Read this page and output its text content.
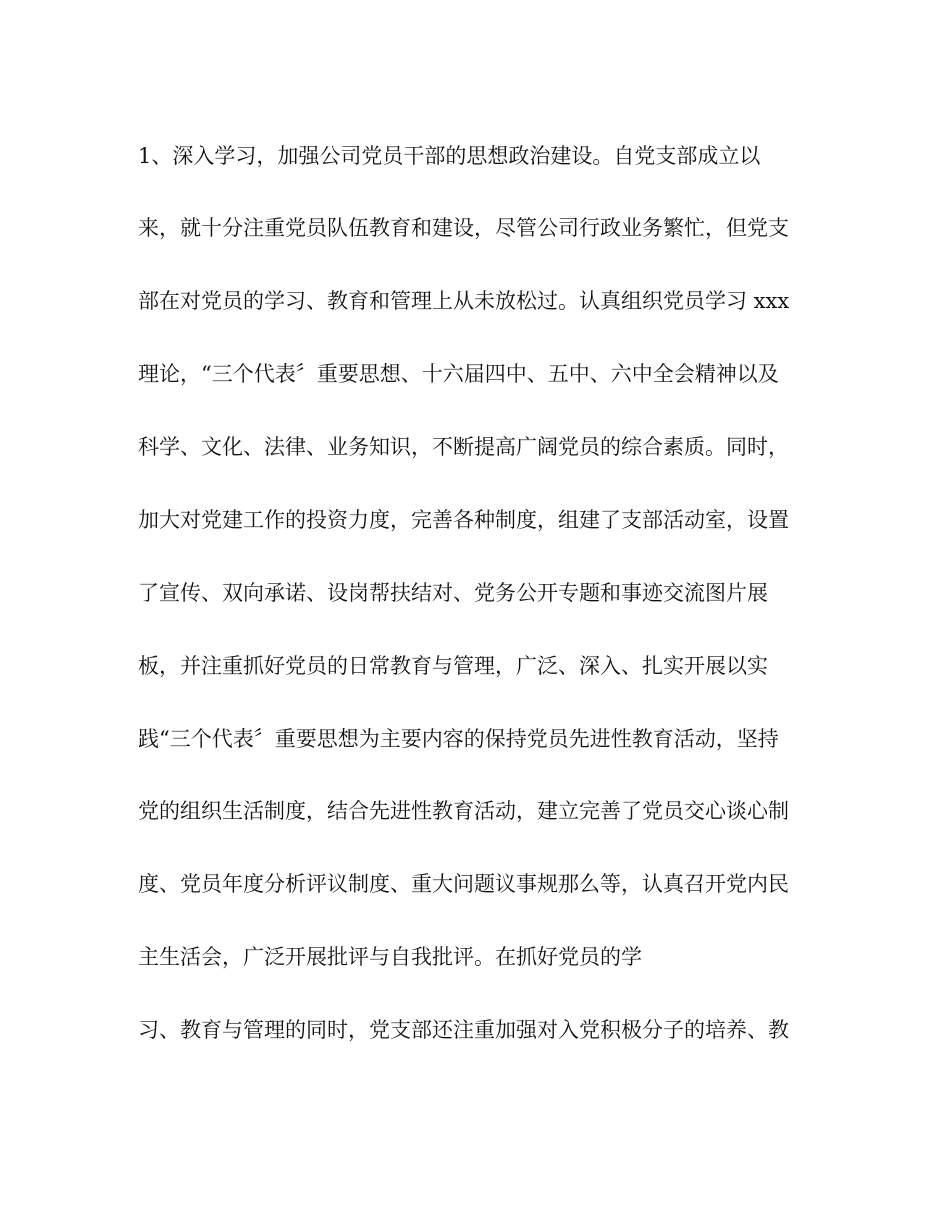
1、深入学习，加强公司党员干部的思想政治建设。自党支部成立以

来，就十分注重党员队伍教育和建设，尽管公司行政业务繁忙，但党支

部在对党员的学习、教育和管理上从未放松过。认真组织党员学习 xxx

理论，“三个代表〞重要思想、十六届四中、五中、六中全会精神以及

科学、文化、法律、业务知识，不断提高广阔党员的综合素质。同时，

加大对党建工作的投资力度，完善各种制度，组建了支部活动室，设置

了宣传、双向承诺、设岗帮扶结对、党务公开专题和事迹交流图片展

板，并注重抓好党员的日常教育与管理，广泛、深入、扎实开展以实

践“三个代表〞重要思想为主要内容的保持党员先进性教育活动，坚持

党的组织生活制度，结合先进性教育活动，建立完善了党员交心谈心制

度、党员年度分析评议制度、重大问题议事规那么等，认真召开党内民

主生活会，广泛开展批评与自我批评。在抓好党员的学

习、教育与管理的同时，党支部还注重加强对入党积极分子的培养、教
